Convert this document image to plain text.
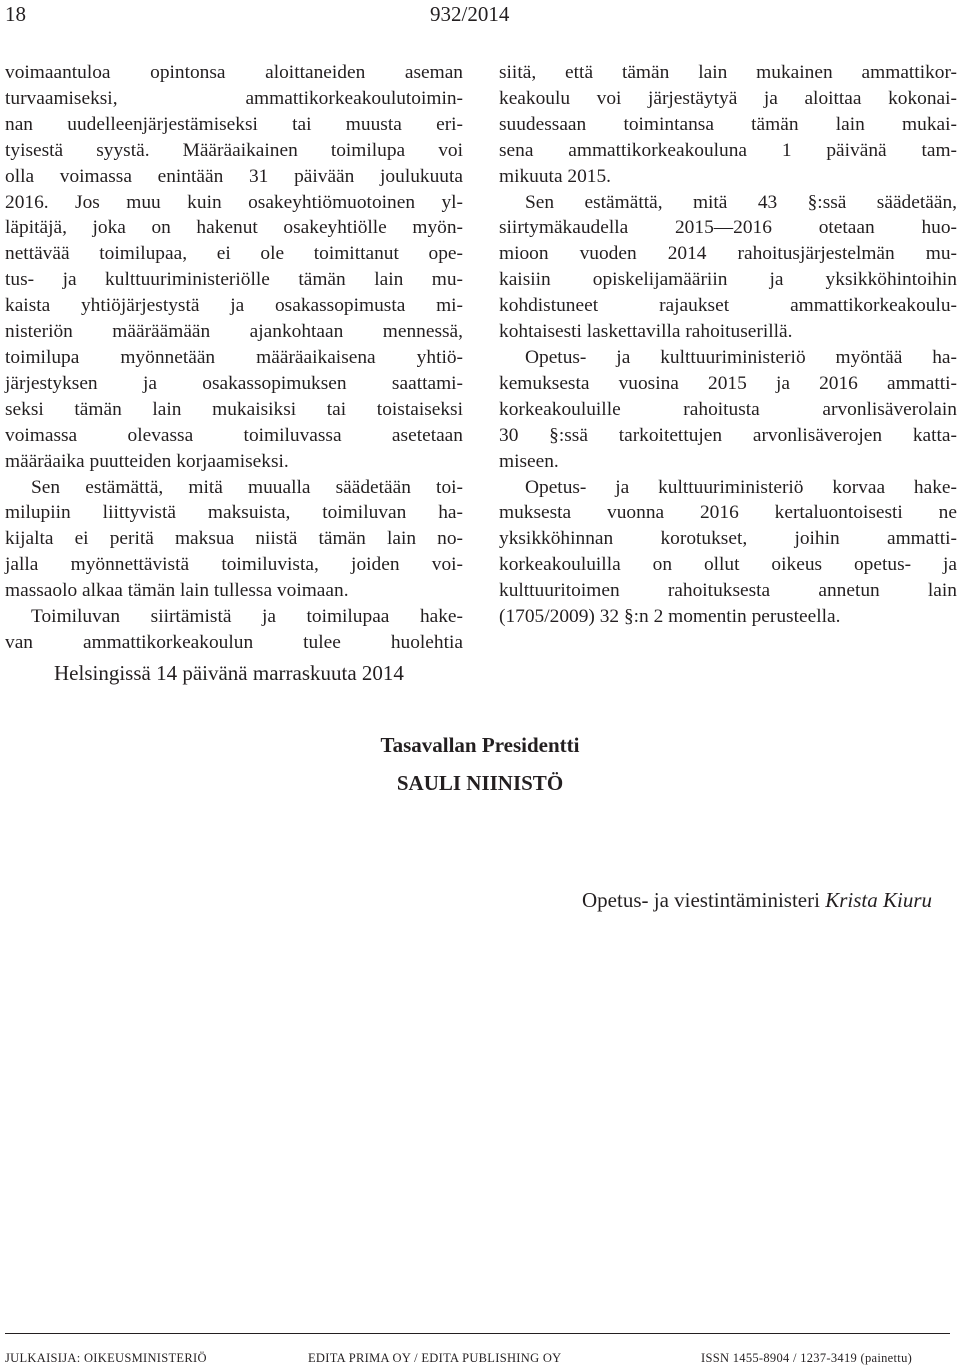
18	932/2014
voimaantuloa opintonsa aloittaneiden aseman
turvaamiseksi, ammattikorkeakoulutoimin-
nan uudelleenjärjestämiseksi tai muusta eri-
tyisestä syystä. Määräaikainen toimilupa voi
olla voimassa enintään 31 päivään joulukuuta
2016. Jos muu kuin osakeyhtiömuotoinen yl-
läpitäjä, joka on hakenut osakeyhtiölle myön-
nettävää toimilupaa, ei ole toimittanut ope-
tus- ja kulttuuriministeriölle tämän lain mu-
kaista yhtiöjärjestystä ja osakassopimusta mi-
nisteriön määräämään ajankohtaan mennessä,
toimilupa myönnetään määräaikaisena yhtiö-
järjestyksen ja osakassopimuksen saattami-
seksi tämän lain mukaisiksi tai toistaiseksi
voimassa olevassa toimiluvassa asetetaan
määräaika puutteiden korjaamiseksi.
Sen estämättä, mitä muualla säädetään toi-
milupiin liittyvistä maksuista, toimiluvan ha-
kijalta ei peritä maksua niistä tämän lain no-
jalla myönnettävistä toimiluvista, joiden voi-
massaolo alkaa tämän lain tullessa voimaan.
Toimiluvan siirtämistä ja toimilupaa hake-
van ammattikorkeakoulun tulee huolehtia
siitä, että tämän lain mukainen ammattikor-
keakoulu voi järjestäytyä ja aloittaa kokonai-
suudessaan toimintansa tämän lain mukai-
sena ammattikorkeakouluna 1 päivänä tam-
mikuuta 2015.
Sen estämättä, mitä 43 §:ssä säädetään,
siirtymäkaudella 2015—2016 otetaan huo-
mioon vuoden 2014 rahoitusjärjestelmän mu-
kaisiin opiskelijamääriin ja yksikköhintoihin
kohdistuneet rajaukset ammattikorkeakoulu-
kohtaisesti laskettavilla rahoituserillä.
Opetus- ja kulttuuriministeriö myöntää ha-
kemuksesta vuosina 2015 ja 2016 ammatti-
korkeakouluille rahoitusta arvonlisäverolain
30 §:ssä tarkoitettujen arvonlisäverojen katta-
miseen.
Opetus- ja kulttuuriministeriö korvaa hake-
muksesta vuonna 2016 kertaluontoisesti ne
yksikköhinnan korotukset, joihin ammatti-
korkeakouluilla on ollut oikeus opetus- ja
kulttuuritoimen rahoituksesta annetun lain
(1705/2009) 32 §:n 2 momentin perusteella.
Helsingissä 14 päivänä marraskuuta 2014
Tasavallan Presidentti
SAULI NIINISTÖ
Opetus- ja viestintäministeri Krista Kiuru
JULKAISIJA: OIKEUSMINISTERIÖ	EDITA PRIMA OY / EDITA PUBLISHING OY	ISSN 1455-8904 / 1237-3419 (painettu)
